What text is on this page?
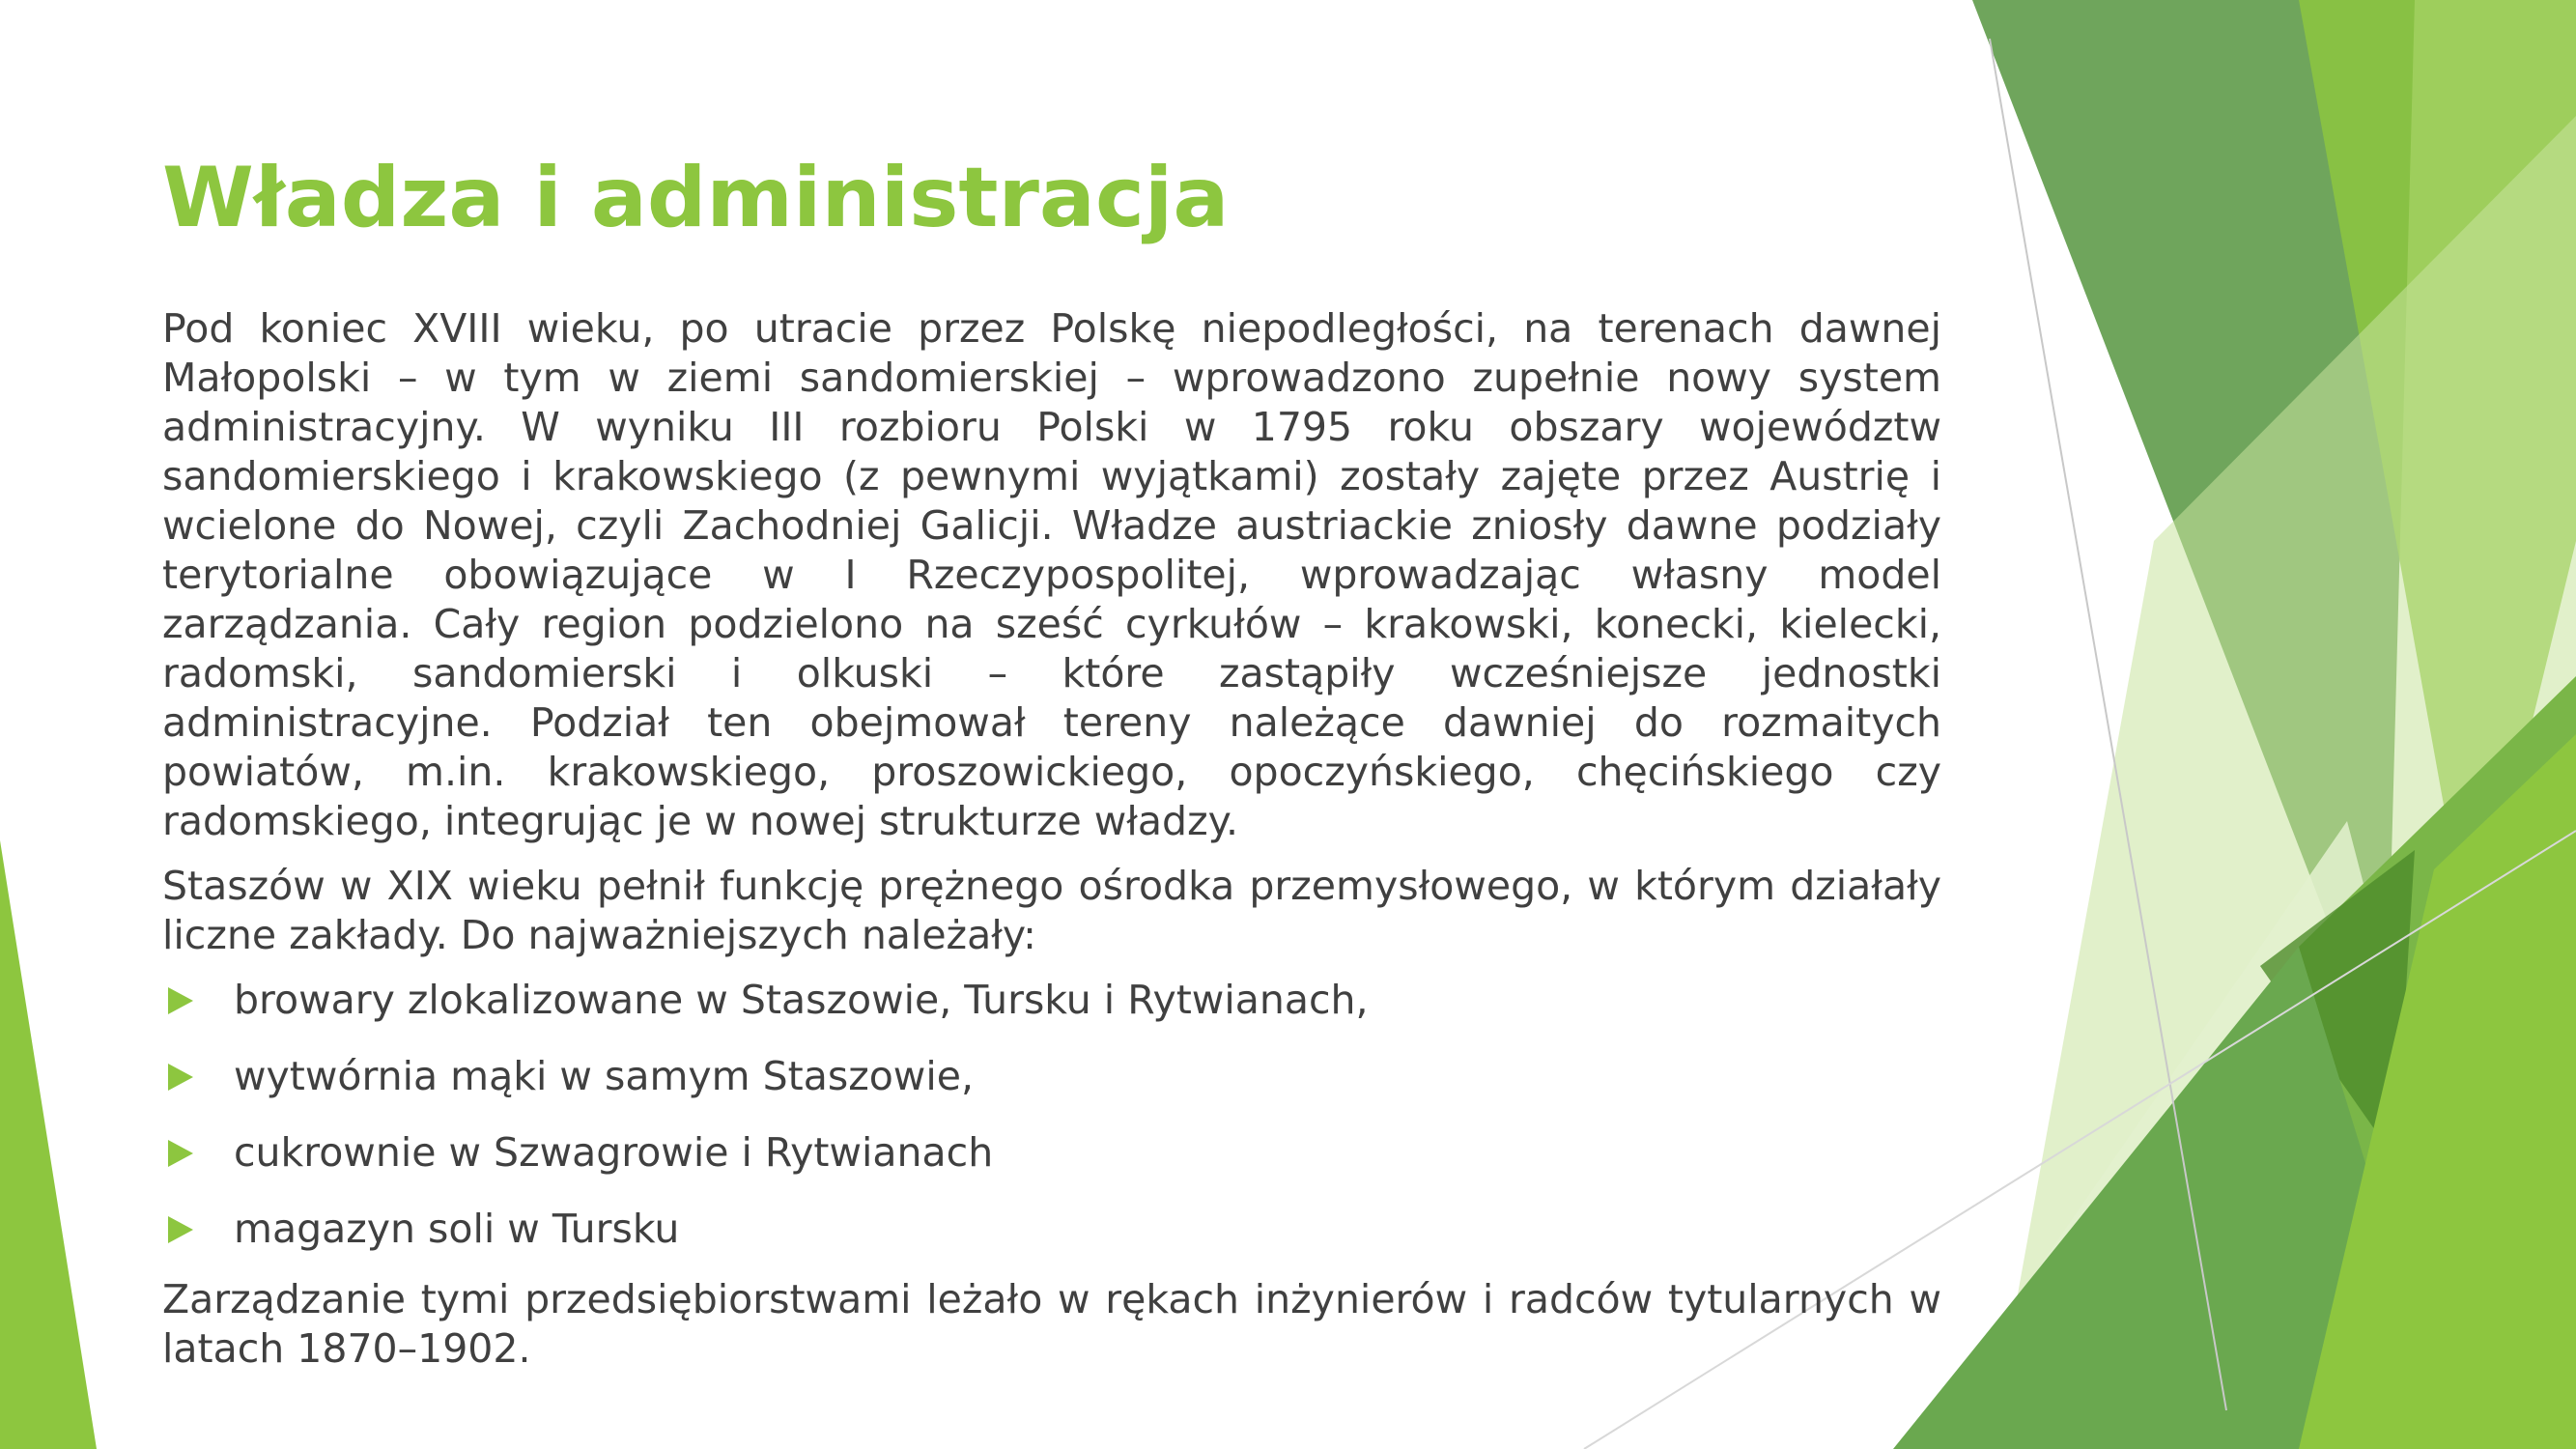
Władza i administracja

Pod koniec XVIII wieku, po utracie przez Polskę niepodległości, na terenach dawnej Małopolski – w tym w ziemi sandomierskiej – wprowadzono zupełnie nowy system administracyjny. W wyniku III rozbioru Polski w 1795 roku obszary województw sandomierskiego i krakowskiego (z pewnymi wyjątkami) zostały zajęte przez Austrię i wcielone do Nowej, czyli Zachodniej Galicji. Władze austriackie zniosły dawne podziały terytorialne obowiązujące w I Rzeczypospolitej, wprowadzając własny model zarządzania. Cały region podzielono na sześć cyrkułów – krakowski, konecki, kielecki, radomski, sandomierski i olkuski – które zastąpiły wcześniejsze jednostki administracyjne. Podział ten obejmował tereny należące dawniej do rozmaitych powiatów, m.in. krakowskiego, proszowickiego, opoczyńskiego, chęcińskiego czy radomskiego, integrując je w nowej strukturze władzy.

Staszów w XIX wieku pełnił funkcję prężnego ośrodka przemysłowego, w którym działały liczne zakłady. Do najważniejszych należały:

browary zlokalizowane w Staszowie, Tursku i Rytwianach,
wytwórnia mąki w samym Staszowie,
cukrownie w Szwagrowie i Rytwianach
magazyn soli w Tursku

Zarządzanie tymi przedsiębiorstwami leżało w rękach inżynierów i radców tytularnych w latach 1870–1902.
